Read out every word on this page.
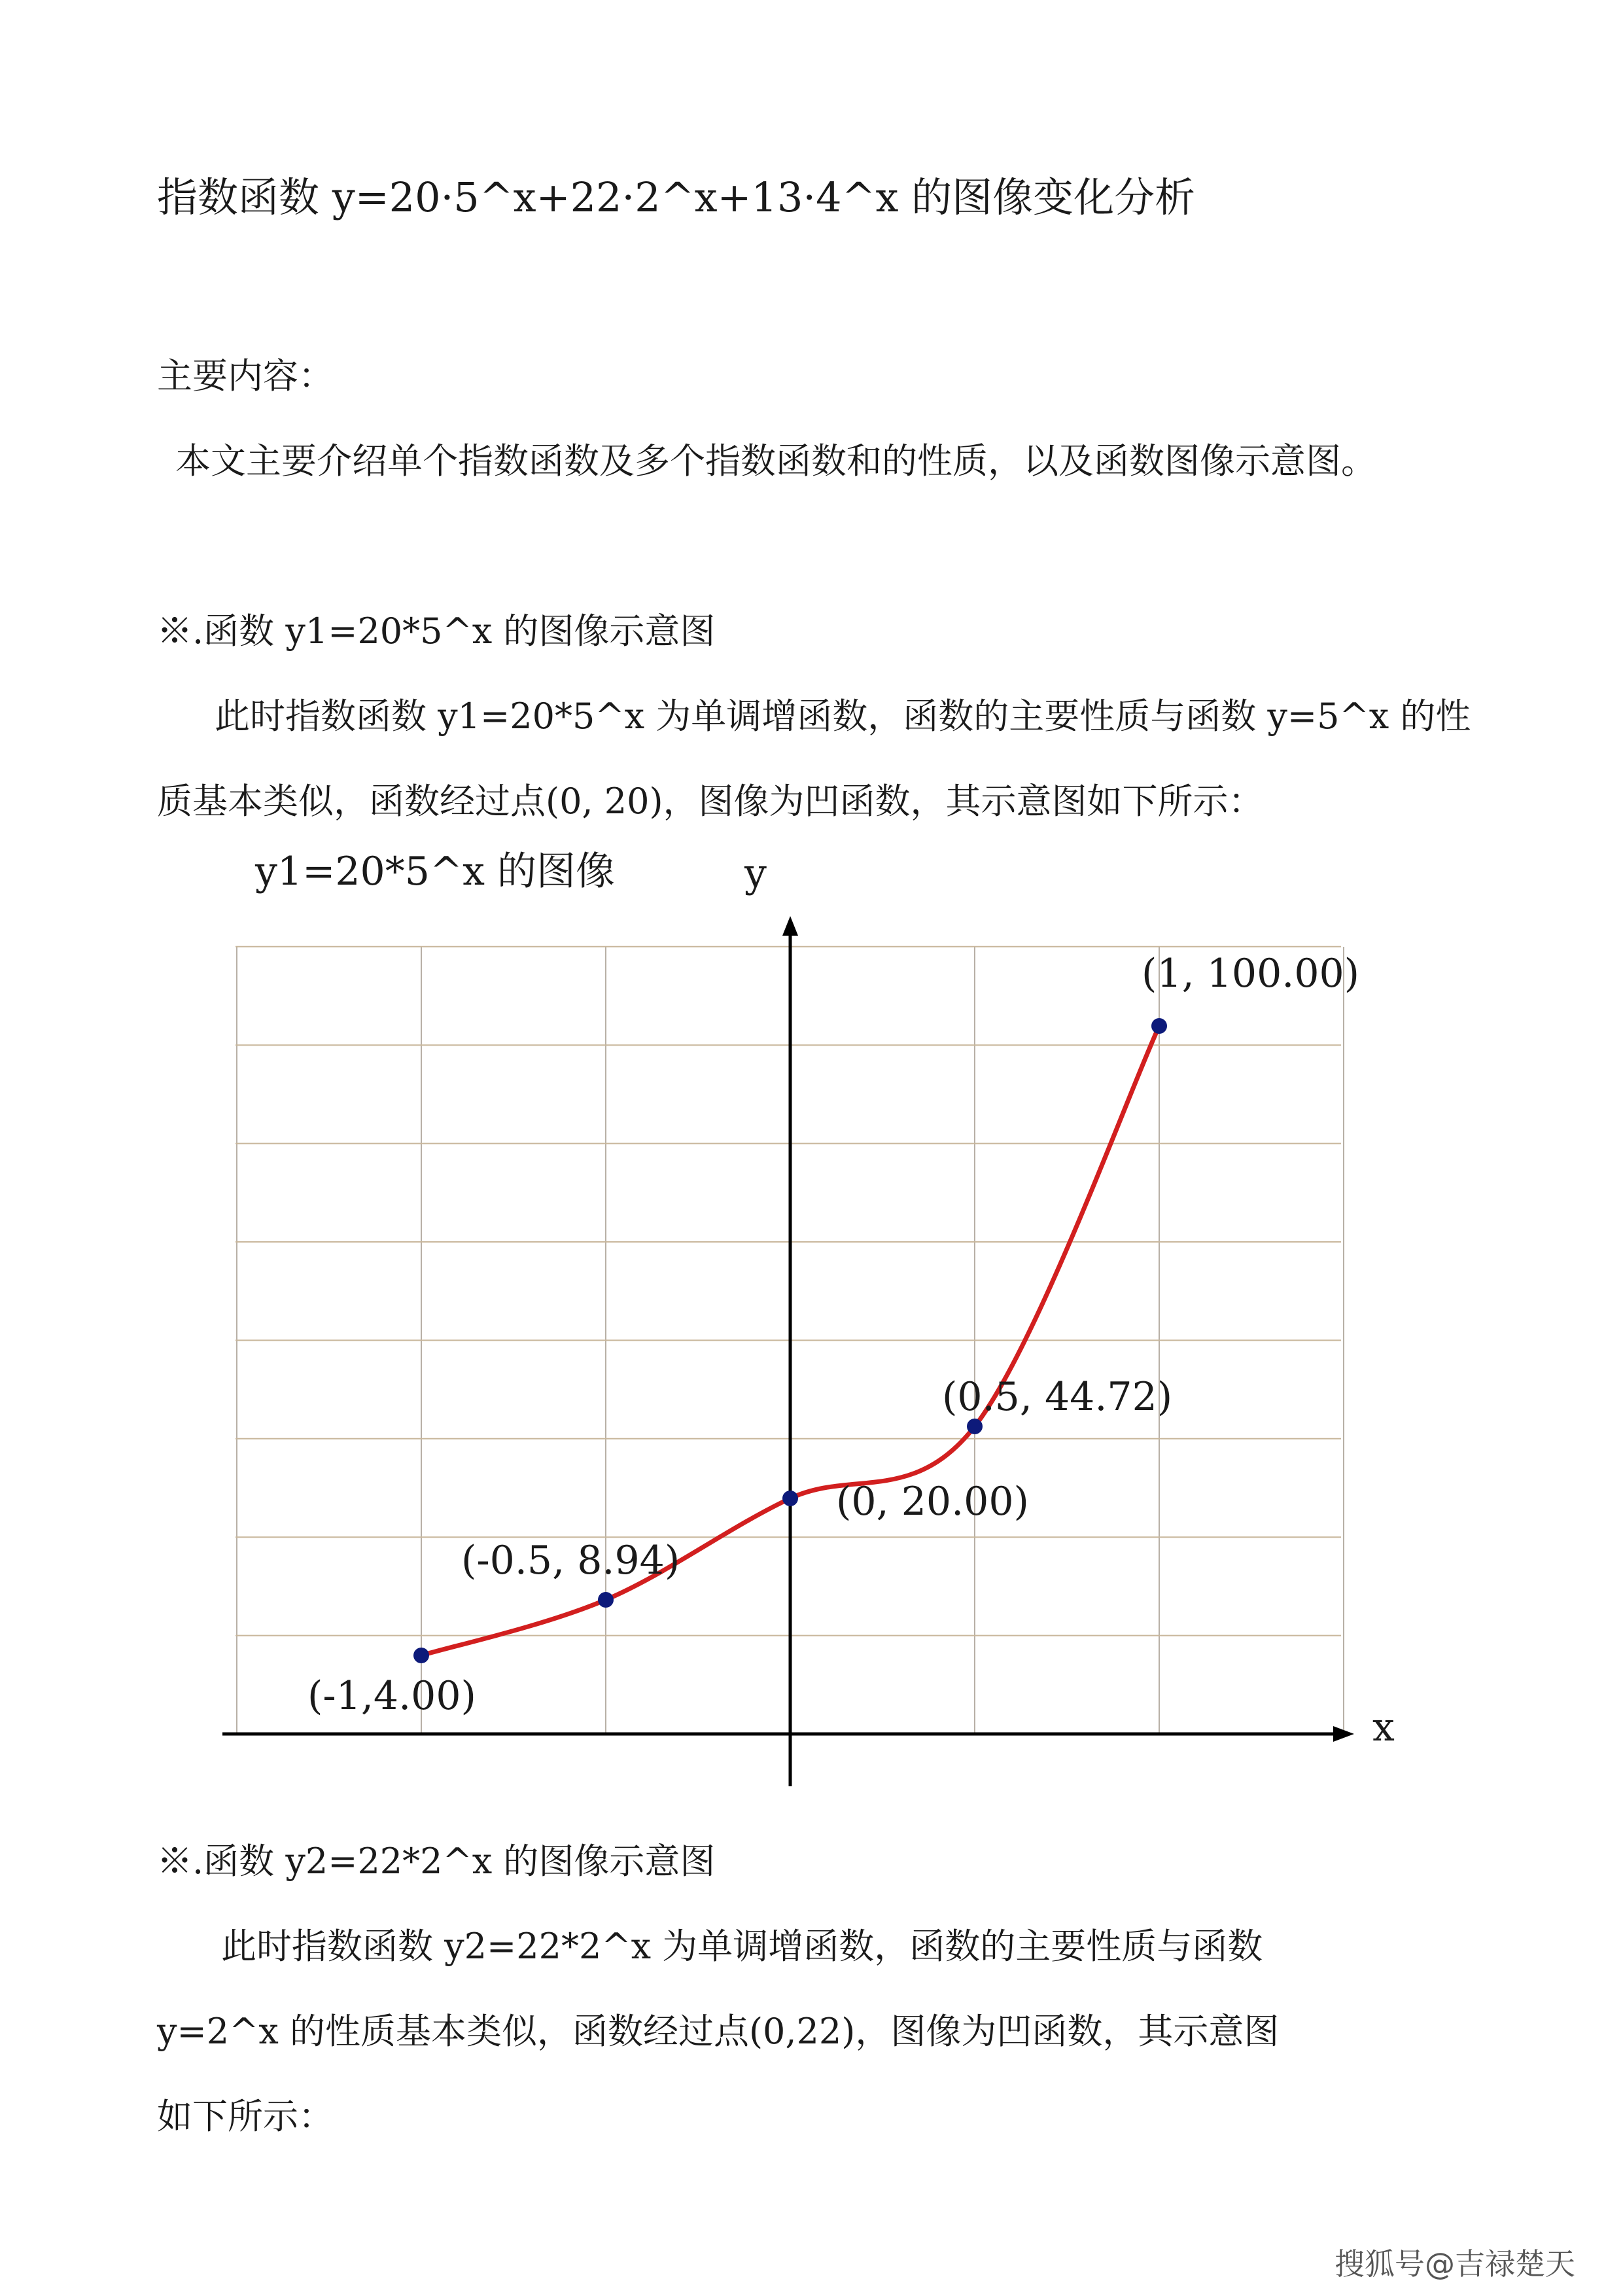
指数函数 y=20·5^x+22·2^x+13·4^x 的图像变化分析
主要内容：
本文主要介绍单个指数函数及多个指数函数和的性质，以及函数图像示意图。
※.函数 y1=20*5^x 的图像示意图
此时指数函数 y1=20*5^x 为单调增函数，函数的主要性质与函数 y=5^x 的性
质基本类似，函数经过点(0, 20)，图像为凹函数，其示意图如下所示：
(-1,4.00)
(-0.5, 8.94)
(0, 20.00)
(0.5, 44.72)
(1, 100.00)
y1=20*5^x 的图像	y
x
※.函数 y2=22*2^x 的图像示意图
此时指数函数 y2=22*2^x 为单调增函数，函数的主要性质与函数
y=2^x 的性质基本类似，函数经过点(0,22)，图像为凹函数，其示意图
如下所示：
搜狐号@吉禄楚天
